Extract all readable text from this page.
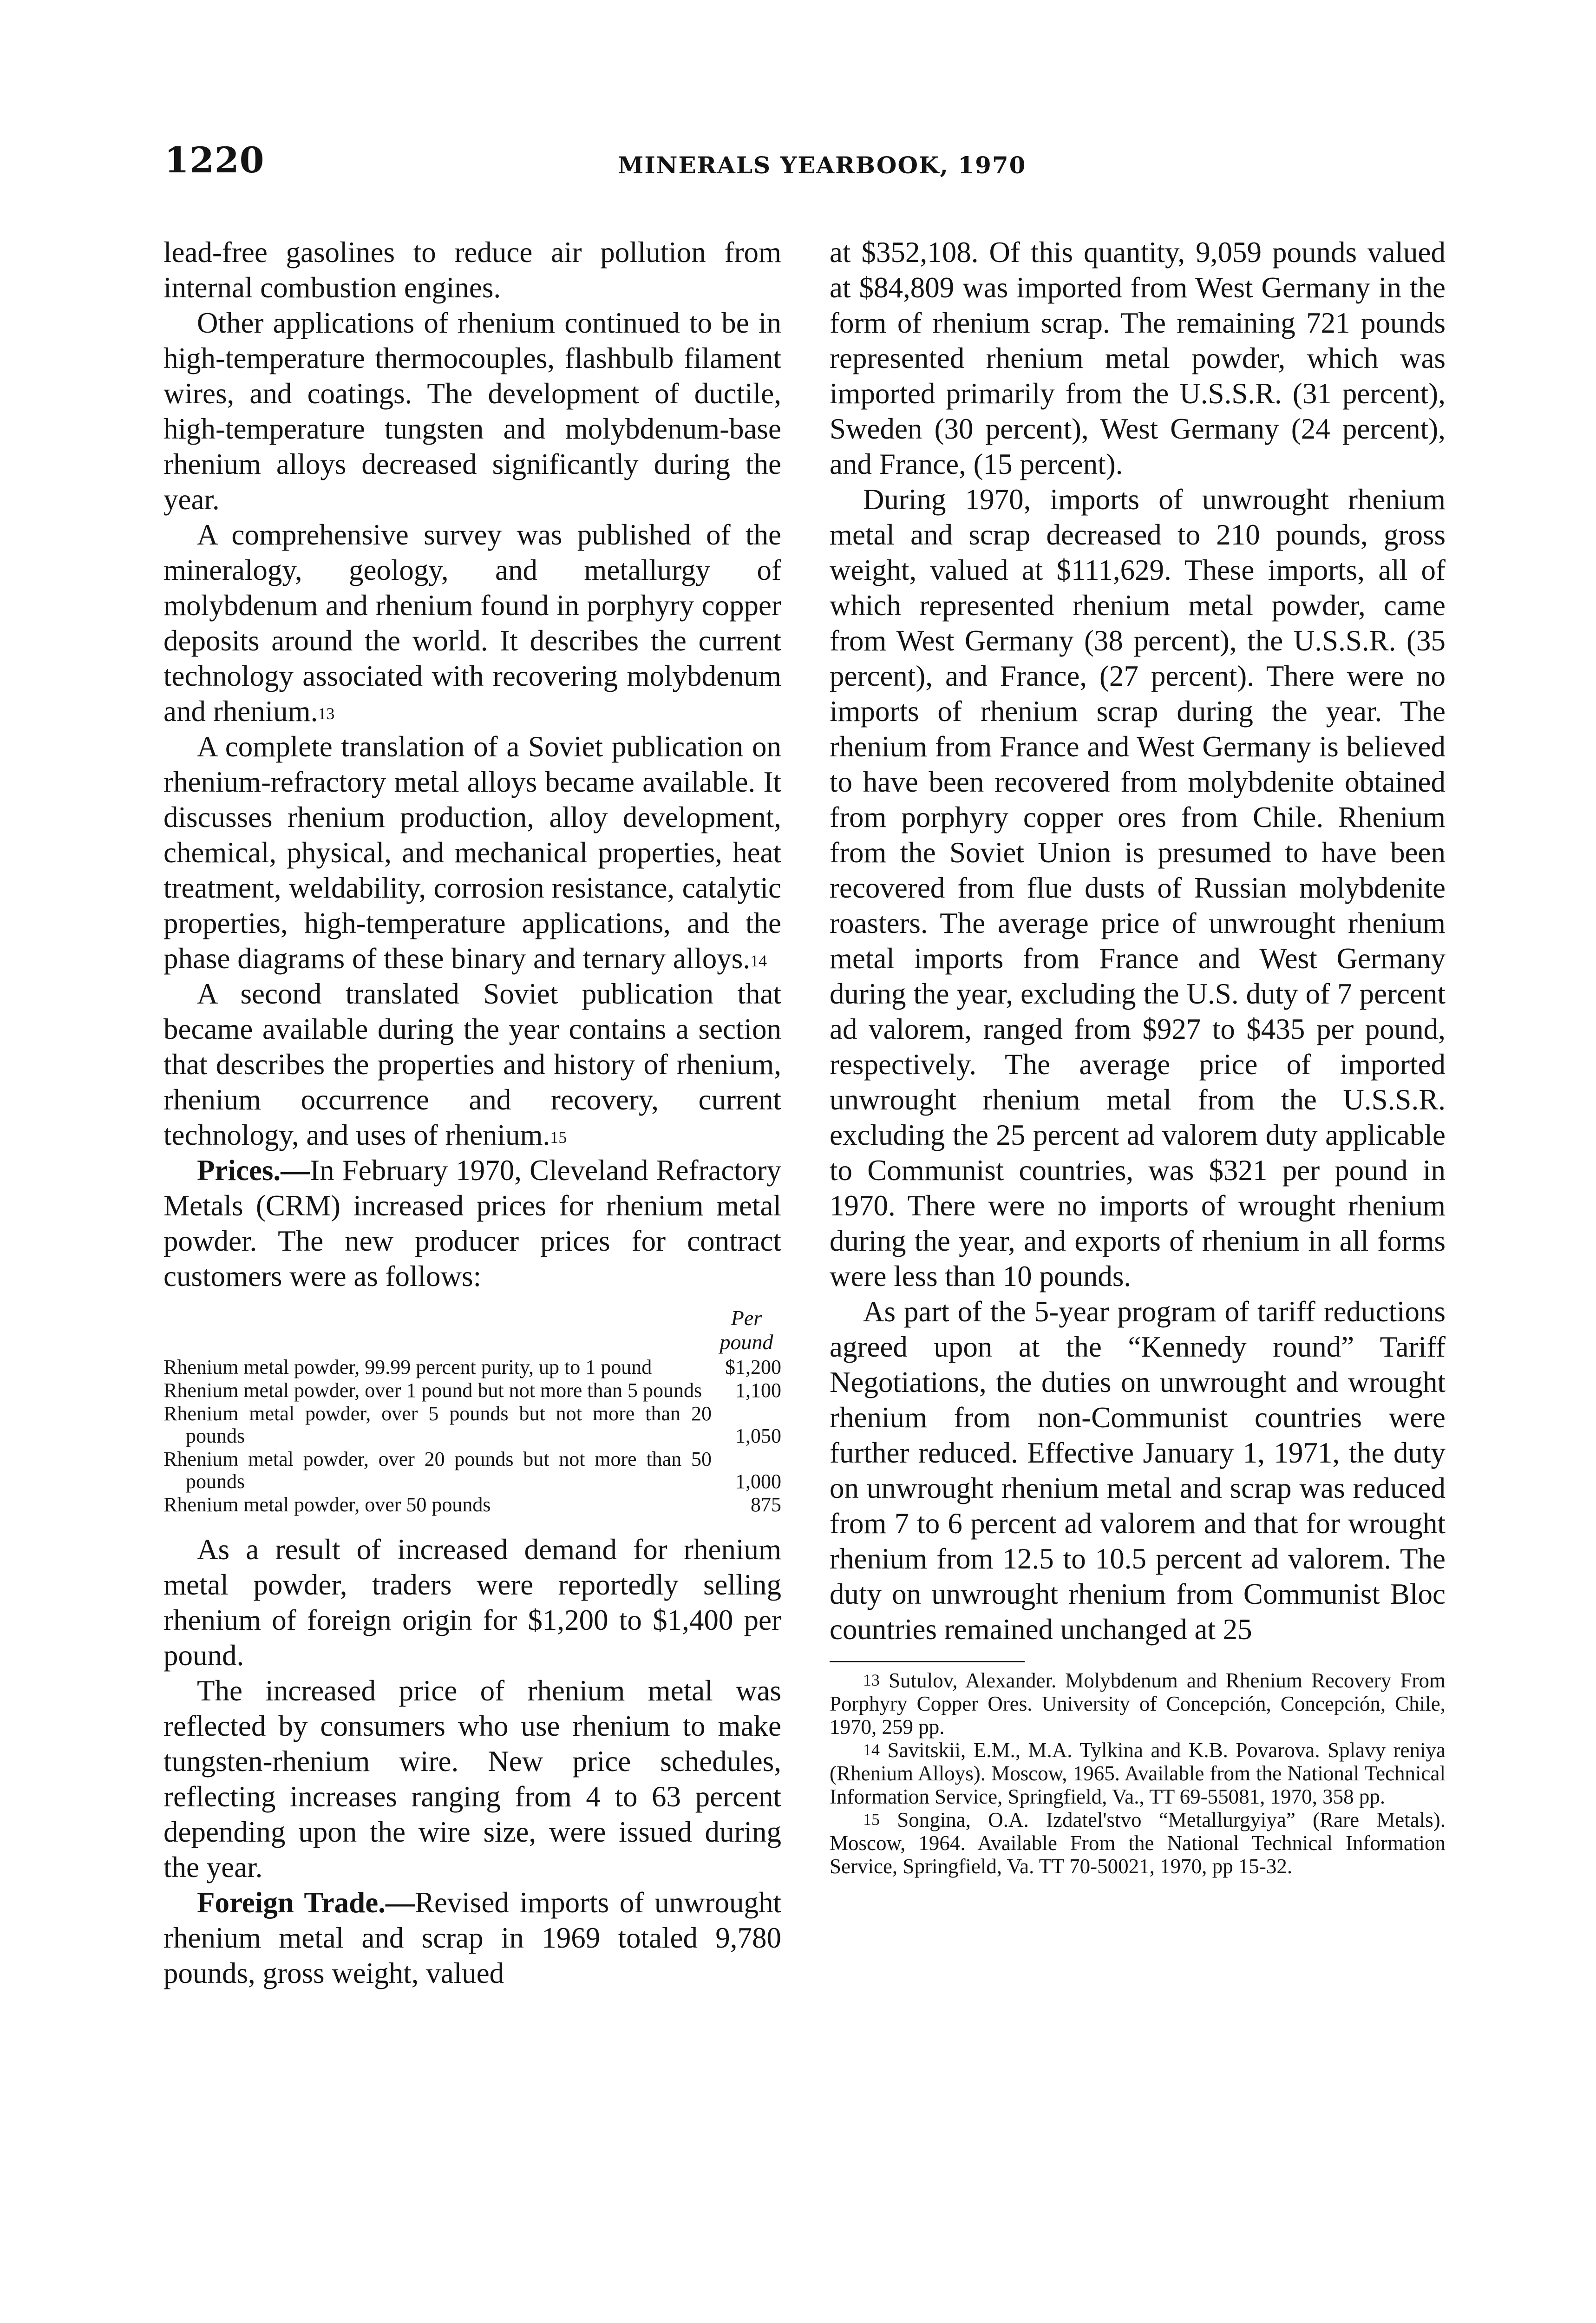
1220	MINERALS YEARBOOK, 1970

lead-free gasolines to reduce air pollution from internal combustion engines.

Other applications of rhenium continued to be in high-temperature thermocouples, flashbulb filament wires, and coatings. The development of ductile, high-temperature tungsten and molybdenum-base rhenium alloys decreased significantly during the year.

A comprehensive survey was published of the mineralogy, geology, and metallurgy of molybdenum and rhenium found in porphyry copper deposits around the world. It describes the current technology associated with recovering molybdenum and rhenium.$^{13}$

A complete translation of a Soviet publication on rhenium-refractory metal alloys became available. It discusses rhenium production, alloy development, chemical, physical, and mechanical properties, heat treatment, weldability, corrosion resistance, catalytic properties, high-temperature applications, and the phase diagrams of these binary and ternary alloys.$^{14}$

A second translated Soviet publication that became available during the year contains a section that describes the properties and history of rhenium, rhenium occurrence and recovery, current technology, and uses of rhenium.$^{15}$

Prices.—In February 1970, Cleveland Refractory Metals (CRM) increased prices for rhenium metal powder. The new producer prices for contract customers were as follows:

Per
pound
Rhenium metal powder, 99.99 percent purity, up to 1 pound	$1,200
Rhenium metal powder, over 1 pound but not more than 5 pounds	1,100
Rhenium metal powder, over 5 pounds but not more than 20 pounds	1,050
Rhenium metal powder, over 20 pounds but not more than 50 pounds	1,000
Rhenium metal powder, over 50 pounds	875

As a result of increased demand for rhenium metal powder, traders were reportedly selling rhenium of foreign origin for $1,200 to $1,400 per pound.

The increased price of rhenium metal was reflected by consumers who use rhenium to make tungsten-rhenium wire. New price schedules, reflecting increases ranging from 4 to 63 percent depending upon the wire size, were issued during the year.

Foreign Trade.—Revised imports of unwrought rhenium metal and scrap in 1969 totaled 9,780 pounds, gross weight, valued

at $352,108. Of this quantity, 9,059 pounds valued at $84,809 was imported from West Germany in the form of rhenium scrap. The remaining 721 pounds represented rhenium metal powder, which was imported primarily from the U.S.S.R. (31 percent), Sweden (30 percent), West Germany (24 percent), and France, (15 percent).

During 1970, imports of unwrought rhenium metal and scrap decreased to 210 pounds, gross weight, valued at $111,629. These imports, all of which represented rhenium metal powder, came from West Germany (38 percent), the U.S.S.R. (35 percent), and France, (27 percent). There were no imports of rhenium scrap during the year. The rhenium from France and West Germany is believed to have been recovered from molybdenite obtained from porphyry copper ores from Chile. Rhenium from the Soviet Union is presumed to have been recovered from flue dusts of Russian molybdenite roasters. The average price of unwrought rhenium metal imports from France and West Germany during the year, excluding the U.S. duty of 7 percent ad valorem, ranged from $927 to $435 per pound, respectively. The average price of imported unwrought rhenium metal from the U.S.S.R. excluding the 25 percent ad valorem duty applicable to Communist countries, was $321 per pound in 1970. There were no imports of wrought rhenium during the year, and exports of rhenium in all forms were less than 10 pounds.

As part of the 5-year program of tariff reductions agreed upon at the “Kennedy round” Tariff Negotiations, the duties on unwrought and wrought rhenium from non-Communist countries were further reduced. Effective January 1, 1971, the duty on unwrought rhenium metal and scrap was reduced from 7 to 6 percent ad valorem and that for wrought rhenium from 12.5 to 10.5 percent ad valorem. The duty on unwrought rhenium from Communist Bloc countries remained unchanged at 25

$^{13}$ Sutulov, Alexander. Molybdenum and Rhenium Recovery From Porphyry Copper Ores. University of Concepción, Concepción, Chile, 1970, 259 pp.

$^{14}$ Savitskii, E.M., M.A. Tylkina and K.B. Povarova. Splavy reniya (Rhenium Alloys). Moscow, 1965. Available from the National Technical Information Service, Springfield, Va., TT 69-55081, 1970, 358 pp.

$^{15}$ Songina, O.A. Izdatel'stvo “Metallurgyiya” (Rare Metals). Moscow, 1964. Available From the National Technical Information Service, Springfield, Va. TT 70-50021, 1970, pp 15-32.
